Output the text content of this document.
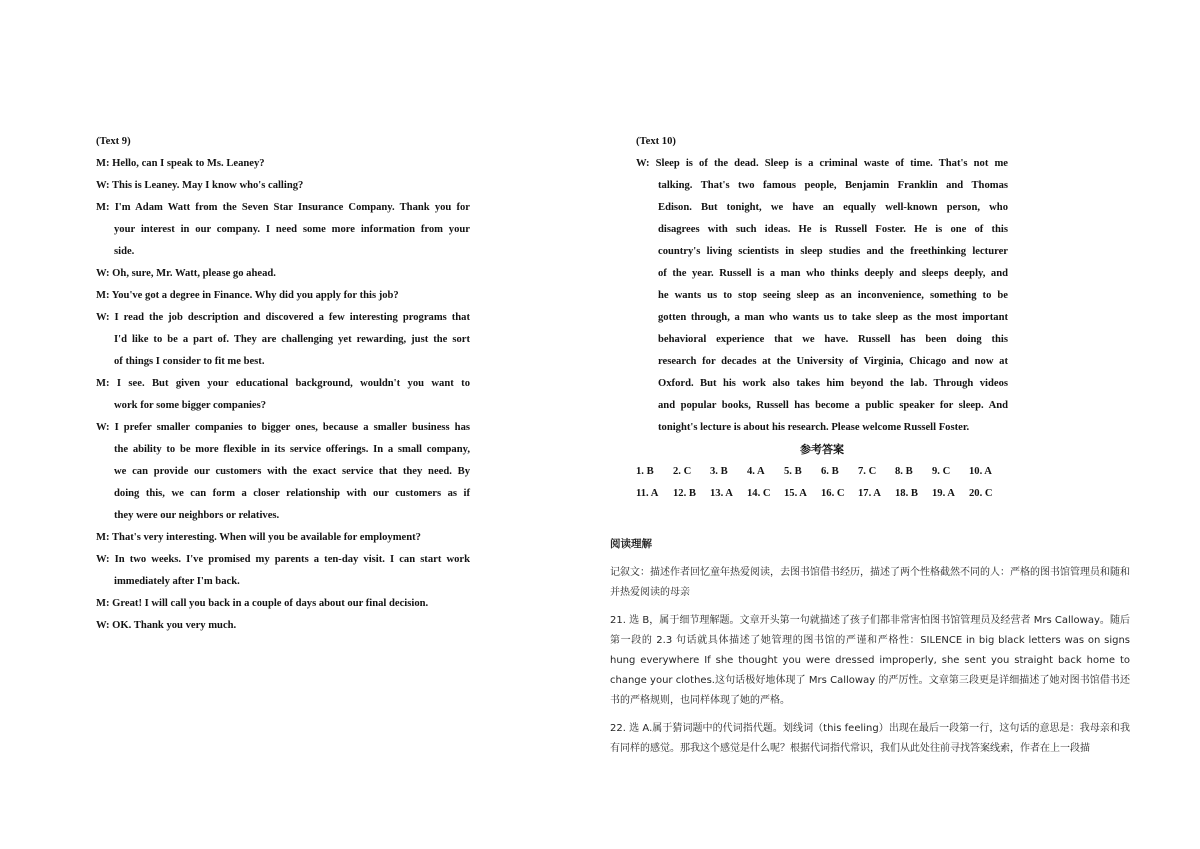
(Text 9)
M: Hello, can I speak to Ms. Leaney?
W: This is Leaney. May I know who's calling?
M: I'm Adam Watt from the Seven Star Insurance Company. Thank you for
your interest in our company. I need some more information from your
side.
W: Oh, sure, Mr. Watt, please go ahead.
M: You've got a degree in Finance. Why did you apply for this job?
W: I read the job description and discovered a few interesting programs that
I'd like to be a part of. They are challenging yet rewarding, just the sort
of things I consider to fit me best.
M: I see. But given your educational background, wouldn't you want to
work for some bigger companies?
W: I prefer smaller companies to bigger ones, because a smaller business has
the ability to be more flexible in its service offerings. In a small company,
we can provide our customers with the exact service that they need. By
doing this, we can form a closer relationship with our customers as if
they were our neighbors or relatives.
M: That's very interesting. When will you be available for employment?
W: In two weeks. I've promised my parents a ten-day visit. I can start work
immediately after I'm back.
M: Great! I will call you back in a couple of days about our final decision.
W: OK. Thank you very much.
(Text 10)
W: Sleep is of the dead. Sleep is a criminal waste of time. That's not me
talking. That's two famous people, Benjamin Franklin and Thomas
Edison. But tonight, we have an equally well-known person, who
disagrees with such ideas. He is Russell Foster. He is one of this
country's living scientists in sleep studies and the freethinking lecturer
of the year. Russell is a man who thinks deeply and sleeps deeply, and
he wants us to stop seeing sleep as an inconvenience, something to be
gotten through, a man who wants us to take sleep as the most important
behavioral experience that we have. Russell has been doing this
research for decades at the University of Virginia, Chicago and now at
Oxford. But his work also takes him beyond the lab. Through videos
and popular books, Russell has become a public speaker for sleep. And
tonight's lecture is about his research. Please welcome Russell Foster.
参考答案
1. B	2. C	3. B	4. A	5. B	6. B	7. C	8. B	9. C	10. A
11. A	12. B	13. A	14. C	15. A	16. C	17. A	18. B	19. A	20. C
阅读理解

记叙文：描述作者回忆童年热爱阅读，去图书馆借书经历，描述了两个性格截然不同的人：严格的图书馆管理员和随和并热爱阅读的母亲

21. 选 B，属于细节理解题。文章开头第一句就描述了孩子们都非常害怕图书馆管理员及经营者 Mrs Calloway。随后第一段的 2.3 句话就具体描述了她管理的图书馆的严谨和严格性：SILENCE in big black letters was on signs hung everywhere If she thought you were dressed improperly, she sent you straight back home to change your clothes.这句话极好地体现了 Mrs Calloway 的严厉性。文章第三段更是详细描述了她对图书馆借书还书的严格规则，也同样体现了她的严格。

22. 选 A.属于猜词题中的代词指代题。划线词（this feeling）出现在最后一段第一行，这句话的意思是：我母亲和我有同样的感觉。那我这个感觉是什么呢？根据代词指代常识，我们从此处往前寻找答案线索，作者在上一段描
